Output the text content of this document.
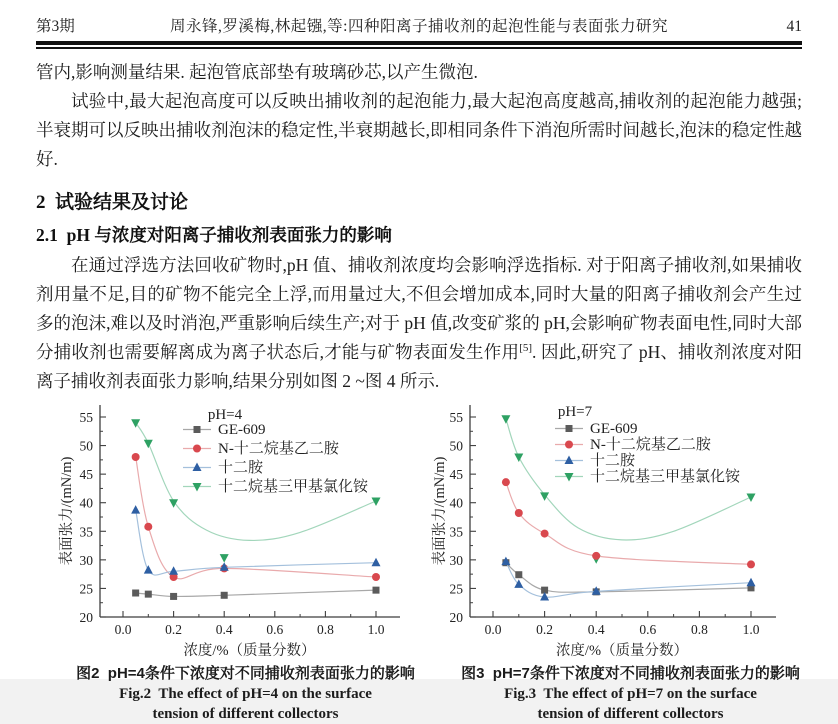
第3期	周永锋,罗溪梅,林起镪,等:四种阳离子捕收剂的起泡性能与表面张力研究	41

管内,影响测量结果. 起泡管底部垫有玻璃砂芯,以产生微泡.

试验中,最大起泡高度可以反映出捕收剂的起泡能力,最大起泡高度越高,捕收剂的起泡能力越强;半衰期可以反映出捕收剂泡沫的稳定性,半衰期越长,即相同条件下消泡所需时间越长,泡沫的稳定性越好.

2  试验结果及讨论
2.1  pH 与浓度对阳离子捕收剂表面张力的影响

在通过浮选方法回收矿物时,pH 值、捕收剂浓度均会影响浮选指标. 对于阳离子捕收剂,如果捕收剂用量不足,目的矿物不能完全上浮,而用量过大,不但会增加成本,同时大量的阳离子捕收剂会产生过多的泡沫,难以及时消泡,严重影响后续生产;对于 pH 值,改变矿浆的 pH,会影响矿物表面电性,同时大部分捕收剂也需要解离成为离子状态后,才能与矿物表面发生作用[5]. 因此,研究了 pH、捕收剂浓度对阳离子捕收剂表面张力影响,结果分别如图 2 ~图 4 所示.

0.0 0.2 0.4 0.6 0.8 1.0
20
25
30
35
40
45
50
55
表面张力/(mN/m)
浓度/%（质量分数）
pH=4
GE-609
N-十二烷基乙二胺
十二胺
十二烷基三甲基氯化铵
图2  pH=4条件下浓度对不同捕收剂表面张力的影响
Fig.2  The effect of pH=4 on the surface
tension of different collectors
0.0	0.2	0.4	0.6	0.8	1.0
20
25
30
35
40
45
50
55
表面张力/(mN/m)
浓度/%（质量分数）
pH=7
GE-609
N-十二烷基乙二胺
十二胺
十二烷基三甲基氯化铵
图3  pH=7条件下浓度对不同捕收剂表面张力的影响
Fig.3  The effect of pH=7 on the surface
tension of different collectors
